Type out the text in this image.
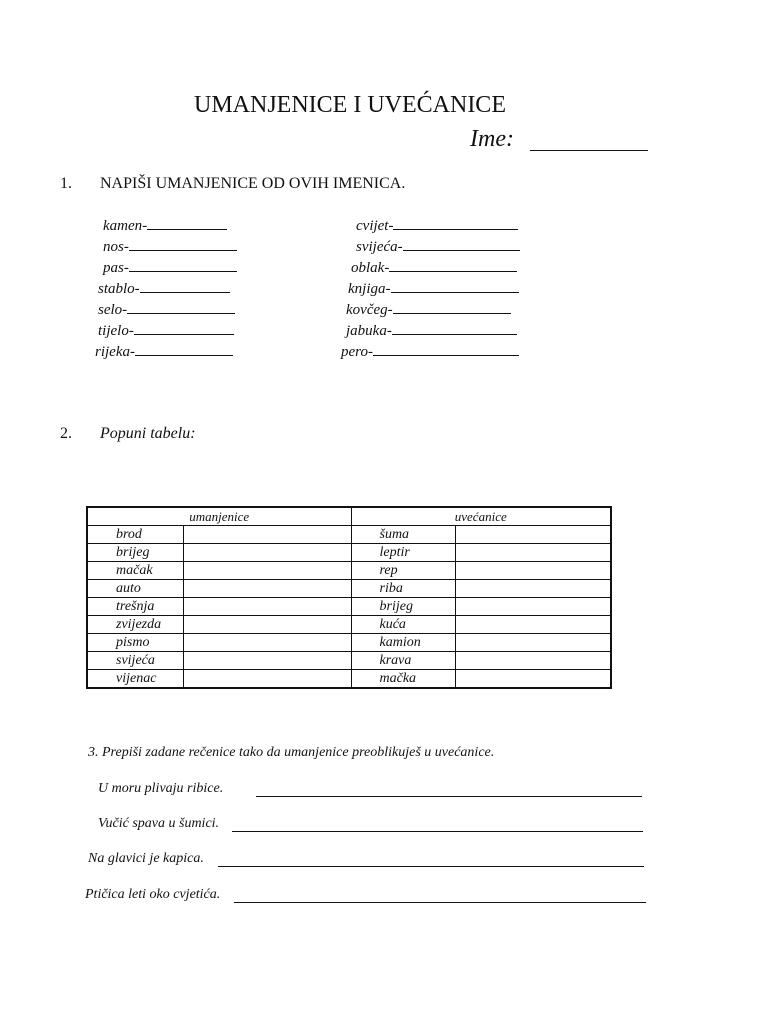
UMANJENICE I UVEĆANICE
Ime:
1. NAPIŠI UMANJENICE OD OVIH IMENICA.
kamen-
nos-
pas-
stablo-
selo-
tijelo-
rijeka-
cvijet-
svijeća-
oblak-
knjiga-
kovčeg-
jabuka-
pero-
2. Popuni tabelu:
umanjenice		uvećanice	
brod		šuma	
brijeg		leptir	
mačak		rep	
auto		riba	
trešnja		brijeg	
zvijezda		kuća	
pismo		kamion	
svijeća		krava	
vijenac		mačka	
3. Prepiši zadane rečenice tako da umanjenice preoblikuješ u uvećanice.
U moru plivaju ribice.
Vučić spava u šumici.
Na glavici je kapica.
Ptičica leti oko cvjetića.
